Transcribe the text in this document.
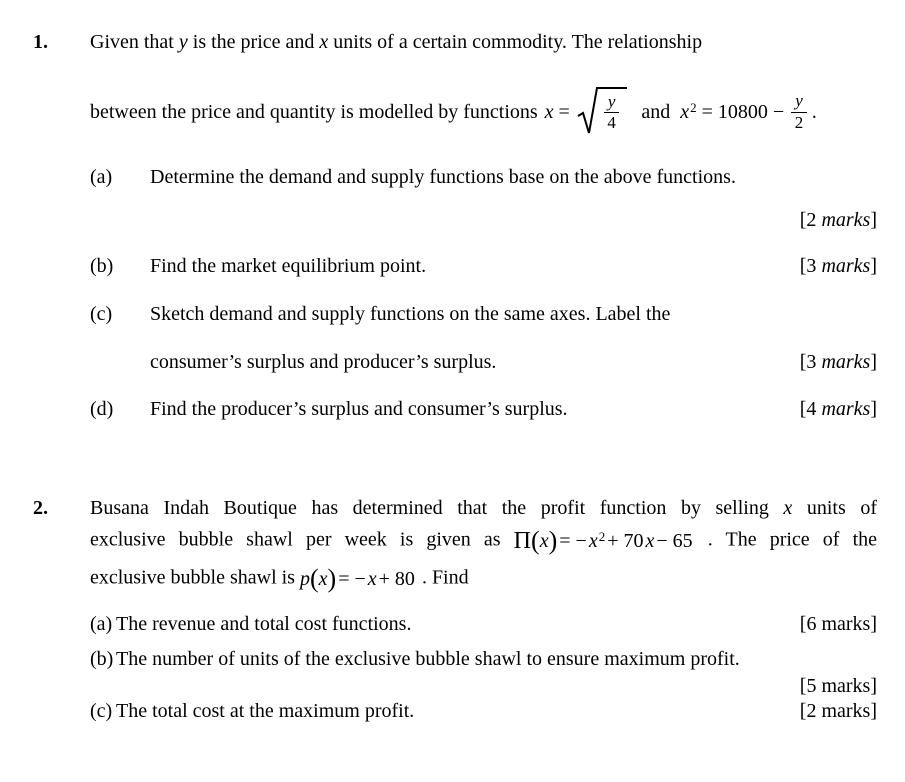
1. Given that y is the price and x units of a certain commodity. The relationship
between the price and quantity is modelled by functions $x = \frac{y}{4}$ and $x^2 = 10800 - \frac{y}{2}$ .
(a)	Determine the demand and supply functions base on the above functions.
[2 marks]
(b)	Find the market equilibrium point.	[3 marks]
(c)	Sketch demand and supply functions on the same axes. Label the
consumer’s surplus and producer’s surplus.	[3 marks]
(d)	Find the producer’s surplus and consumer’s surplus.	[4 marks]
2. Busana Indah Boutique has determined that the profit function by selling x units of
exclusive bubble shawl per week is given as Π ( x ) = − $x^2 + 70$ x − 65 . The price of the
exclusive bubble shawl is p ( x ) = − x + 80 . Find
(a) The revenue and total cost functions.	[6 marks]
(b) The number of units of the exclusive bubble shawl to ensure maximum profit.
[5 marks]
(c) The total cost at the maximum profit.	[2 marks]
